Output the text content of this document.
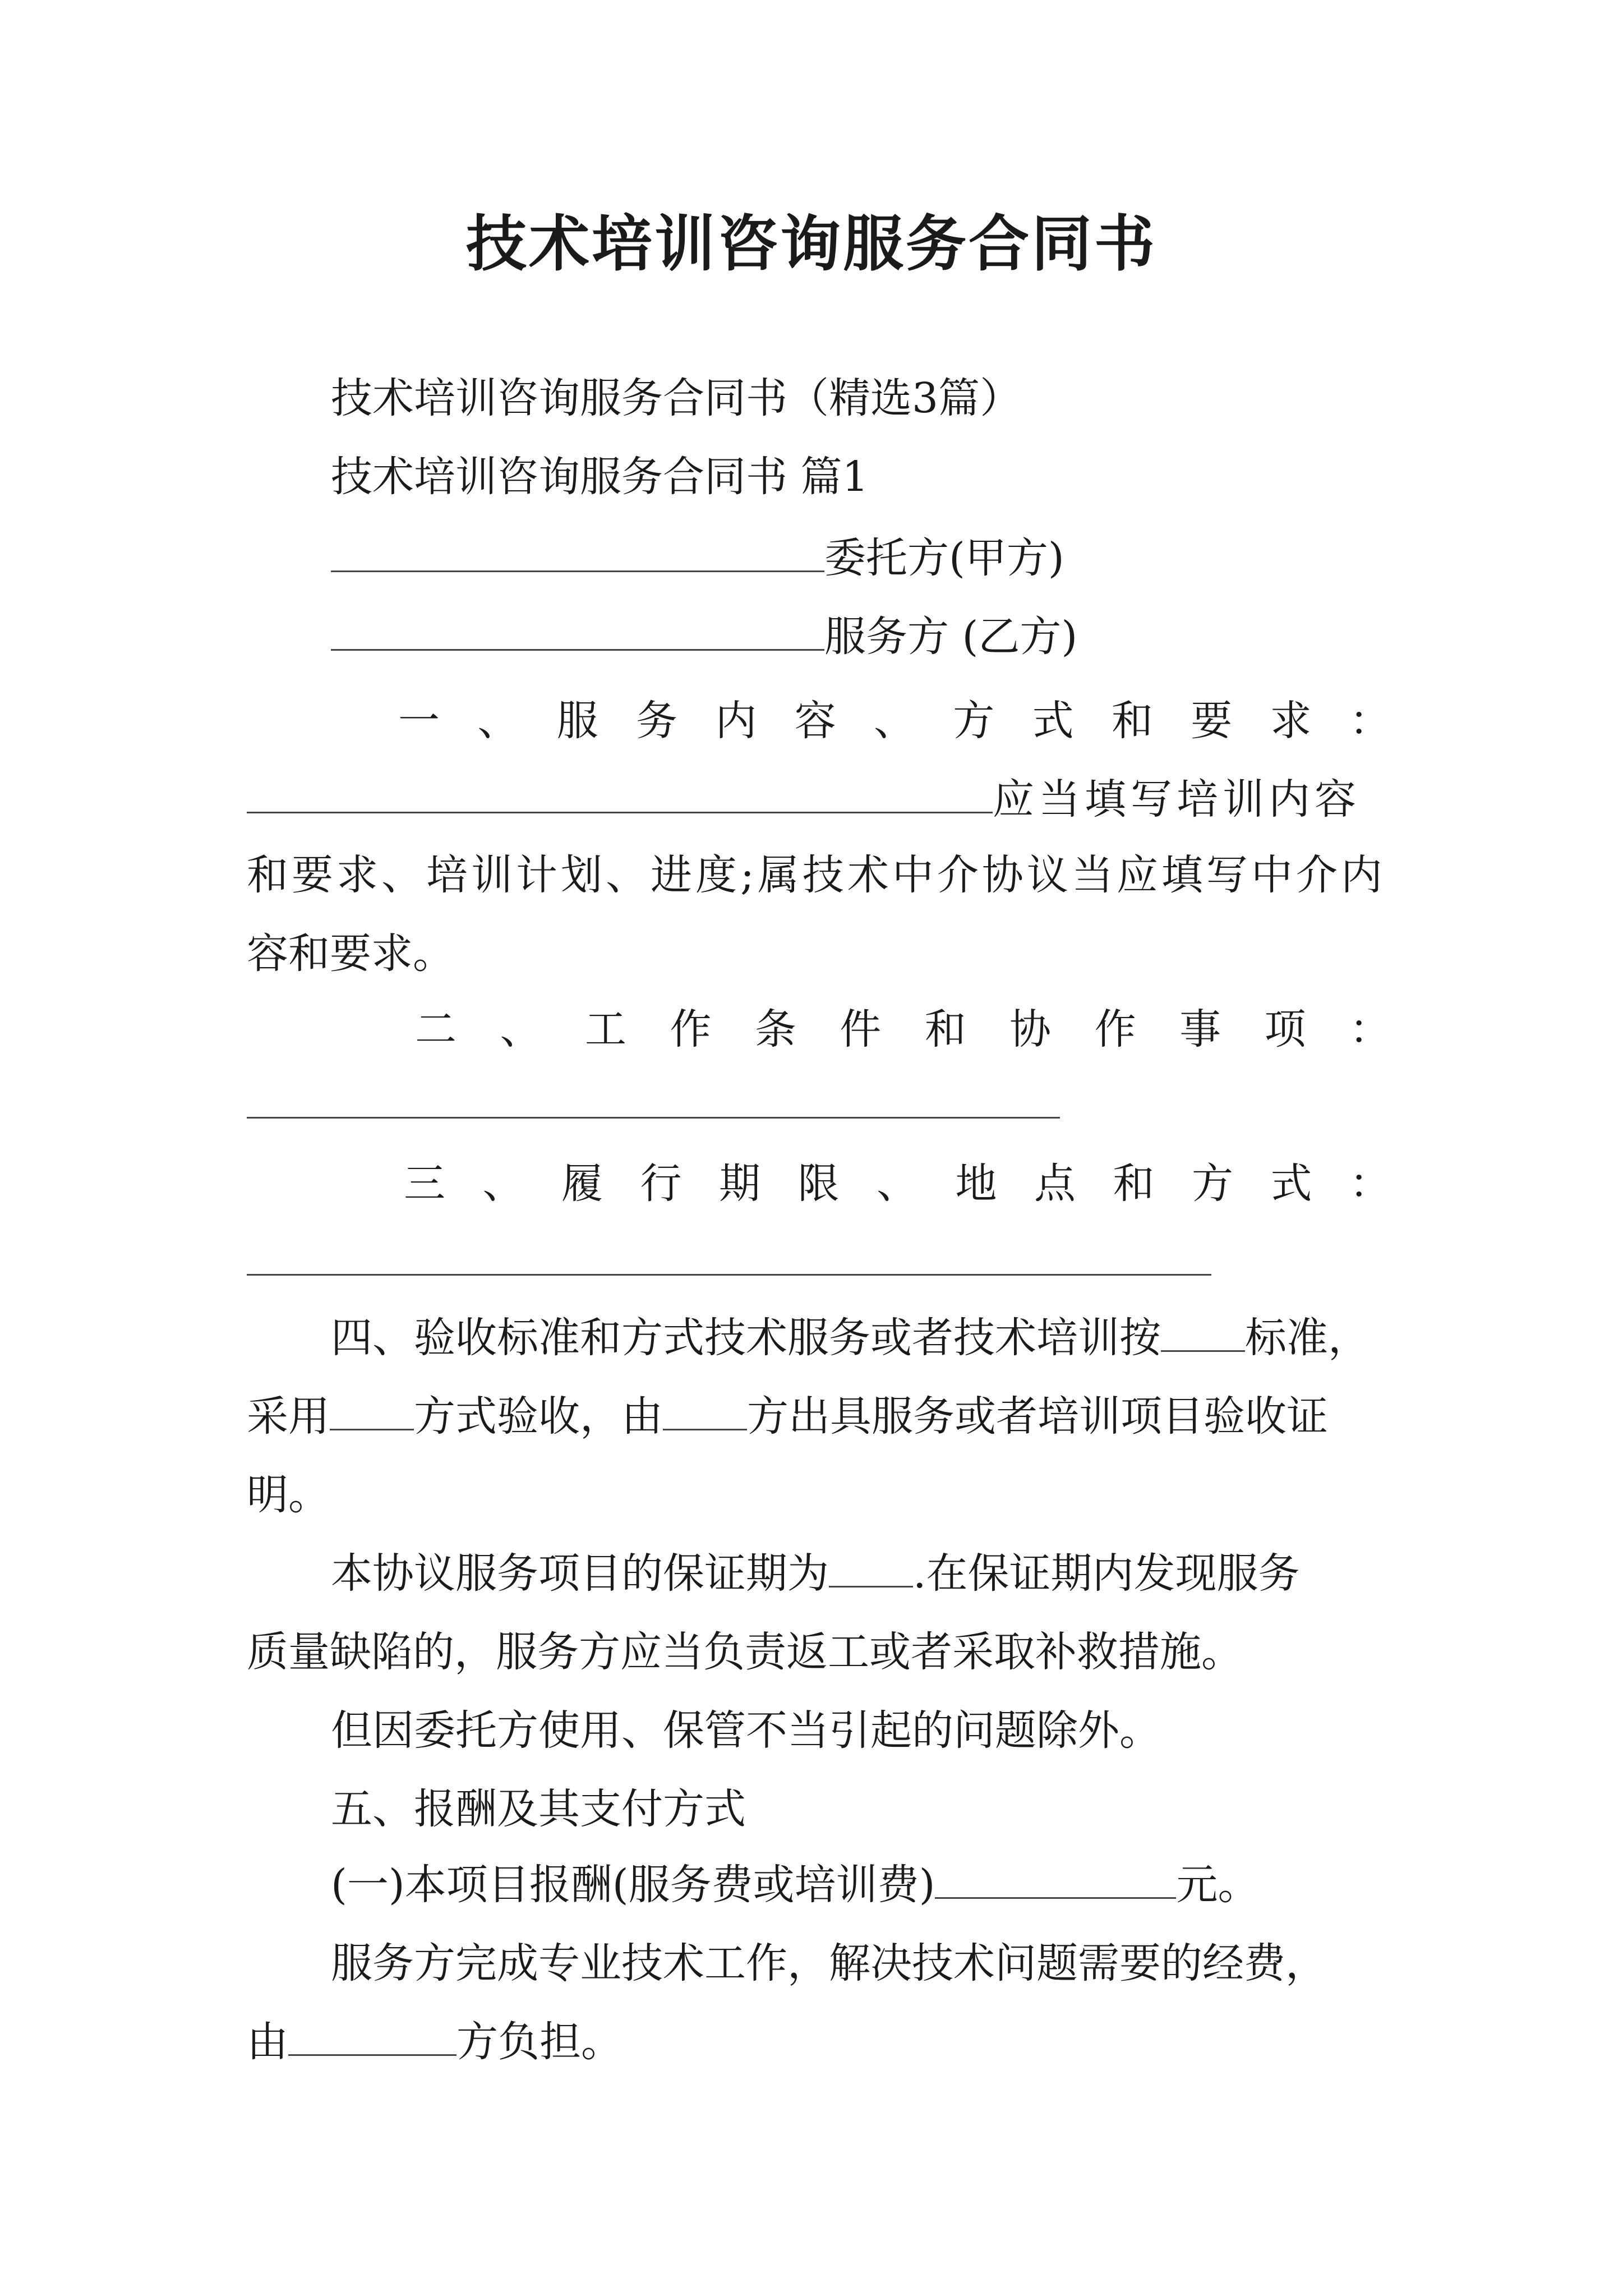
技术培训咨询服务合同书
技术培训咨询服务合同书（精选3篇）
技术培训咨询服务合同书 篇1
委托方(甲方)
服务方 (乙方)
一 、 服 务 内 容 、 方 式 和 要 求 ：
应当填写培训内容
和要求、培训计划、进度;属技术中介协议当应填写中介内
容和要求。
二 、 工 作 条 件 和 协 作 事 项 ：
三 、 履 行 期 限 、 地 点 和 方 式 ：
四、验收标准和方式技术服务或者技术培训按 标准，
采用 方式验收，由 方出具服务或者培训项目验收证
明。
本协议服务项目的保证期为 .在保证期内发现服务
质量缺陷的，服务方应当负责返工或者采取补救措施。
但因委托方使用、保管不当引起的问题除外。
五、报酬及其支付方式
(一)本项目报酬(服务费或培训费)	元。
服务方完成专业技术工作，解决技术问题需要的经费，
由	方负担。
